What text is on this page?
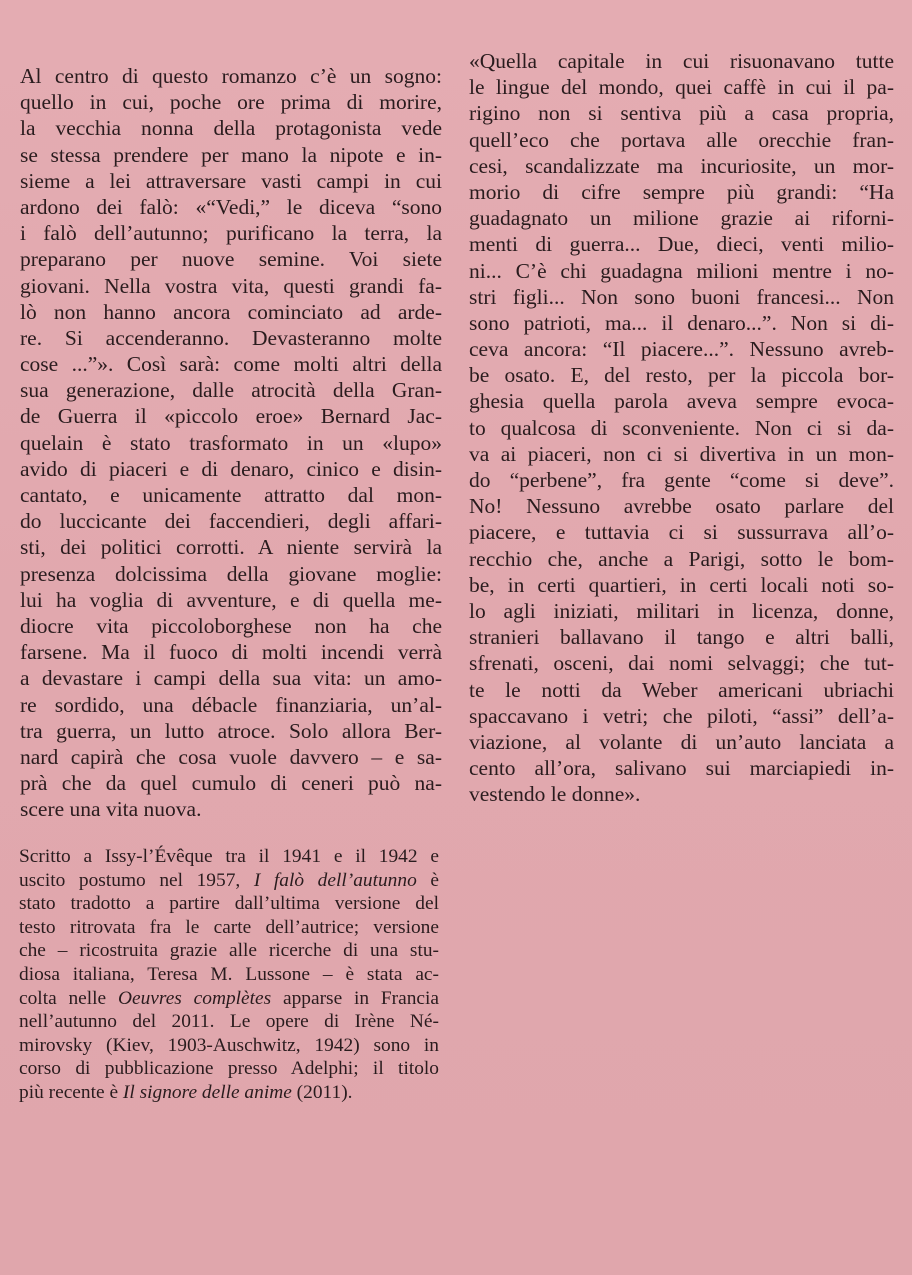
Al centro di questo romanzo c’è un sogno:
quello in cui, poche ore prima di morire,
la vecchia nonna della protagonista vede
se stessa prendere per mano la nipote e in-
sieme a lei attraversare vasti campi in cui
ardono dei falò: «“Vedi,” le diceva “sono
i falò dell’autunno; purificano la terra, la
preparano per nuove semine. Voi siete
giovani. Nella vostra vita, questi grandi fa-
lò non hanno ancora cominciato ad arde-
re. Si accenderanno. Devasteranno molte
cose ...”». Così sarà: come molti altri della
sua generazione, dalle atrocità della Gran-
de Guerra il «piccolo eroe» Bernard Jac-
quelain è stato trasformato in un «lupo»
avido di piaceri e di denaro, cinico e disin-
cantato, e unicamente attratto dal mon-
do luccicante dei faccendieri, degli affari-
sti, dei politici corrotti. A niente servirà la
presenza dolcissima della giovane moglie:
lui ha voglia di avventure, e di quella me-
diocre vita piccoloborghese non ha che
farsene. Ma il fuoco di molti incendi verrà
a devastare i campi della sua vita: un amo-
re sordido, una débacle finanziaria, un’al-
tra guerra, un lutto atroce. Solo allora Ber-
nard capirà che cosa vuole davvero – e sa-
prà che da quel cumulo di ceneri può na-
scere una vita nuova.
«Quella capitale in cui risuonavano tutte
le lingue del mondo, quei caffè in cui il pa-
rigino non si sentiva più a casa propria,
quell’eco che portava alle orecchie fran-
cesi, scandalizzate ma incuriosite, un mor-
morio di cifre sempre più grandi: “Ha
guadagnato un milione grazie ai riforni-
menti di guerra... Due, dieci, venti milio-
ni... C’è chi guadagna milioni mentre i no-
stri figli... Non sono buoni francesi... Non
sono patrioti, ma... il denaro...”. Non si di-
ceva ancora: “Il piacere...”. Nessuno avreb-
be osato. E, del resto, per la piccola bor-
ghesia quella parola aveva sempre evoca-
to qualcosa di sconveniente. Non ci si da-
va ai piaceri, non ci si divertiva in un mon-
do “perbene”, fra gente “come si deve”.
No! Nessuno avrebbe osato parlare del
piacere, e tuttavia ci si sussurrava all’o-
recchio che, anche a Parigi, sotto le bom-
be, in certi quartieri, in certi locali noti so-
lo agli iniziati, militari in licenza, donne,
stranieri ballavano il tango e altri balli,
sfrenati, osceni, dai nomi selvaggi; che tut-
te le notti da Weber americani ubriachi
spaccavano i vetri; che piloti, “assi” dell’a-
viazione, al volante di un’auto lanciata a
cento all’ora, salivano sui marciapiedi in-
vestendo le donne».
Scritto a Issy-l’Évêque tra il 1941 e il 1942 e
uscito postumo nel 1957, I falò dell’autunno è
stato tradotto a partire dall’ultima versione del
testo ritrovata fra le carte dell’autrice; versione
che – ricostruita grazie alle ricerche di una stu-
diosa italiana, Teresa M. Lussone – è stata ac-
colta nelle Oeuvres complètes apparse in Francia
nell’autunno del 2011. Le opere di Irène Né-
mirovsky (Kiev, 1903-Auschwitz, 1942) sono in
corso di pubblicazione presso Adelphi; il titolo
più recente è Il signore delle anime (2011).
